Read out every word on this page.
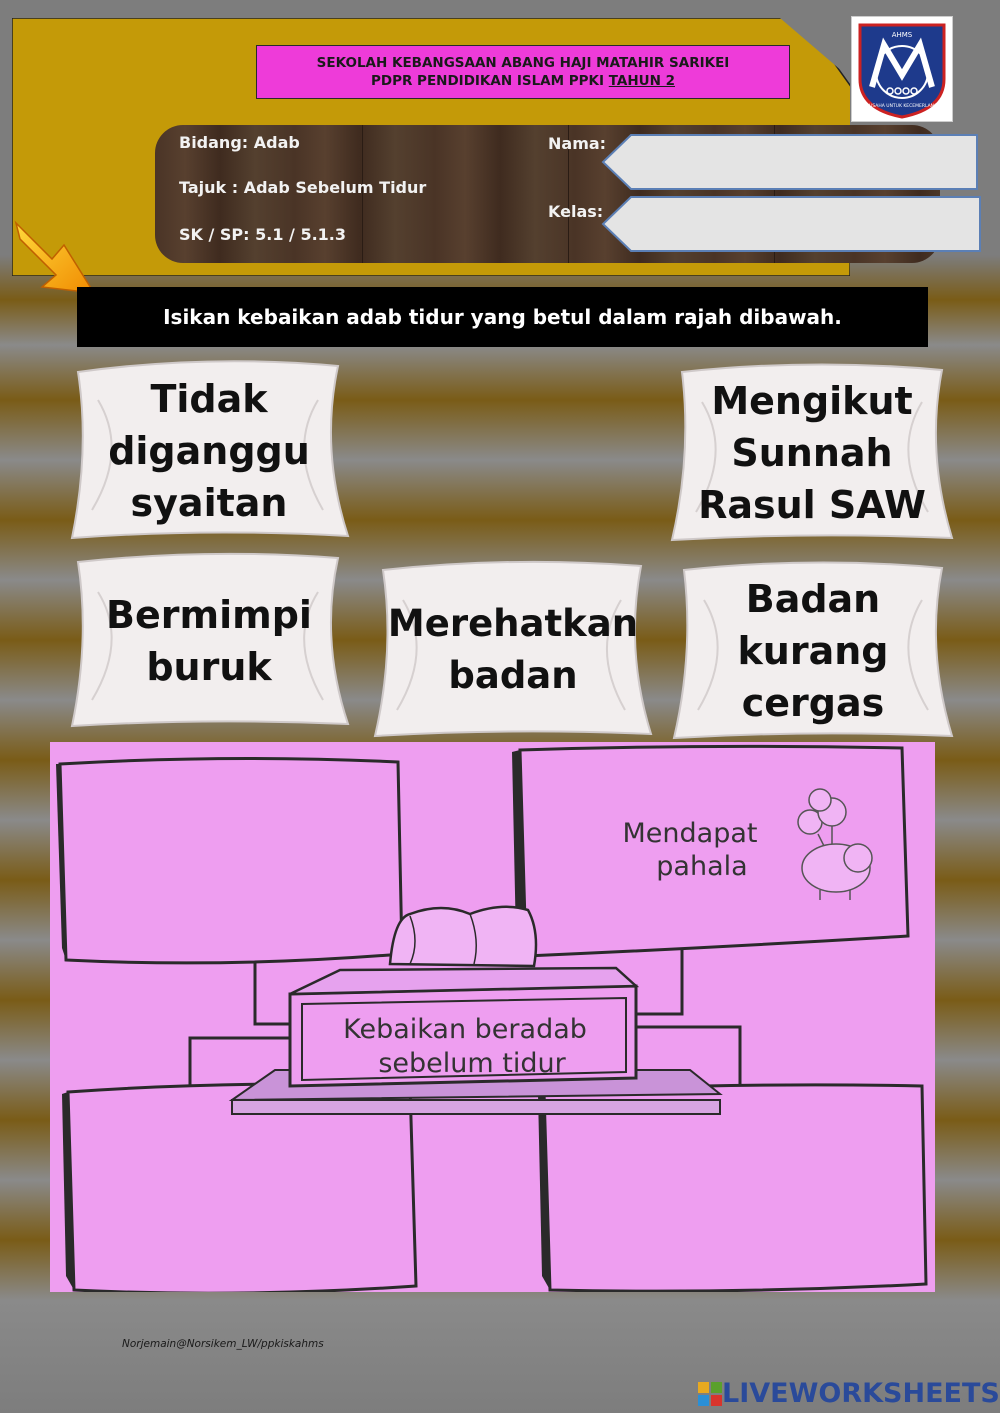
SEKOLAH KEBANGSAAN ABANG HAJI MATAHIR SARIKEI
PDPR PENDIDIKAN ISLAM PPKI TAHUN 2
AHMS
BERUSAHA UNTUK KECEMERLANGAN
Bidang: Adab
Tajuk : Adab Sebelum Tidur
SK / SP: 5.1 / 5.1.3
Nama:
Kelas:
Isikan kebaikan adab tidur yang betul dalam rajah dibawah.
Tidak
diganggu
syaitan
Mengikut
Sunnah
Rasul SAW
Bermimpi
buruk
Merehatkan
badan
Badan
kurang
cergas
Kebaikan beradab
sebelum tidur
Mendapat
pahala
Norjemain@Norsikem_LW/ppkiskahms
LIVEWORKSHEETS
